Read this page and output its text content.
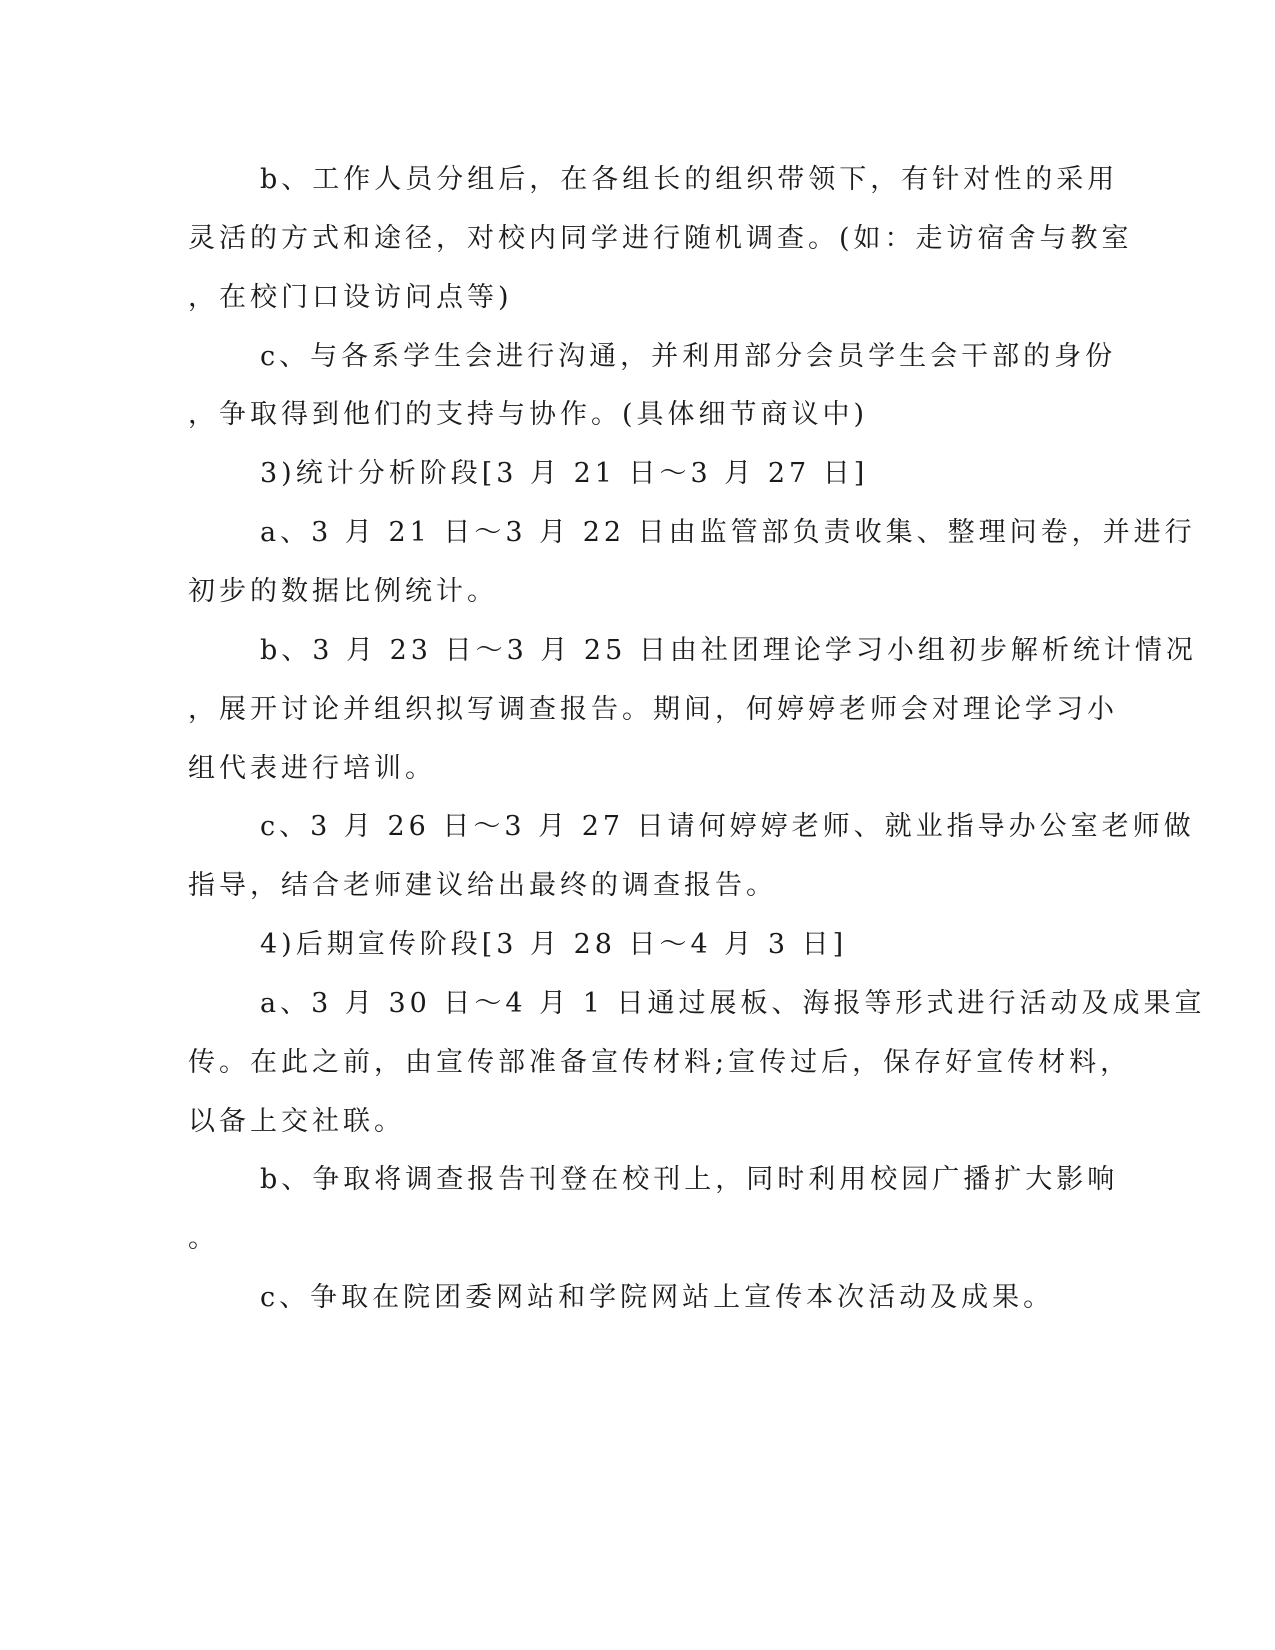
b、工作人员分组后，在各组长的组织带领下，有针对性的采用
灵活的方式和途径，对校内同学进行随机调查。(如：走访宿舍与教室
，在校门口设访问点等)
c、与各系学生会进行沟通，并利用部分会员学生会干部的身份
，争取得到他们的支持与协作。(具体细节商议中)
3)统计分析阶段[3 月 21 日～3 月 27 日]
a、3 月 21 日～3 月 22 日由监管部负责收集、整理问卷，并进行
初步的数据比例统计。
b、3 月 23 日～3 月 25 日由社团理论学习小组初步解析统计情况
，展开讨论并组织拟写调查报告。期间，何婷婷老师会对理论学习小
组代表进行培训。
c、3 月 26 日～3 月 27 日请何婷婷老师、就业指导办公室老师做
指导，结合老师建议给出最终的调查报告。
4)后期宣传阶段[3 月 28 日～4 月 3 日]
a、3 月 30 日～4 月 1 日通过展板、海报等形式进行活动及成果宣
传。在此之前，由宣传部准备宣传材料;宣传过后，保存好宣传材料，
以备上交社联。
b、争取将调查报告刊登在校刊上，同时利用校园广播扩大影响
。
c、争取在院团委网站和学院网站上宣传本次活动及成果。
